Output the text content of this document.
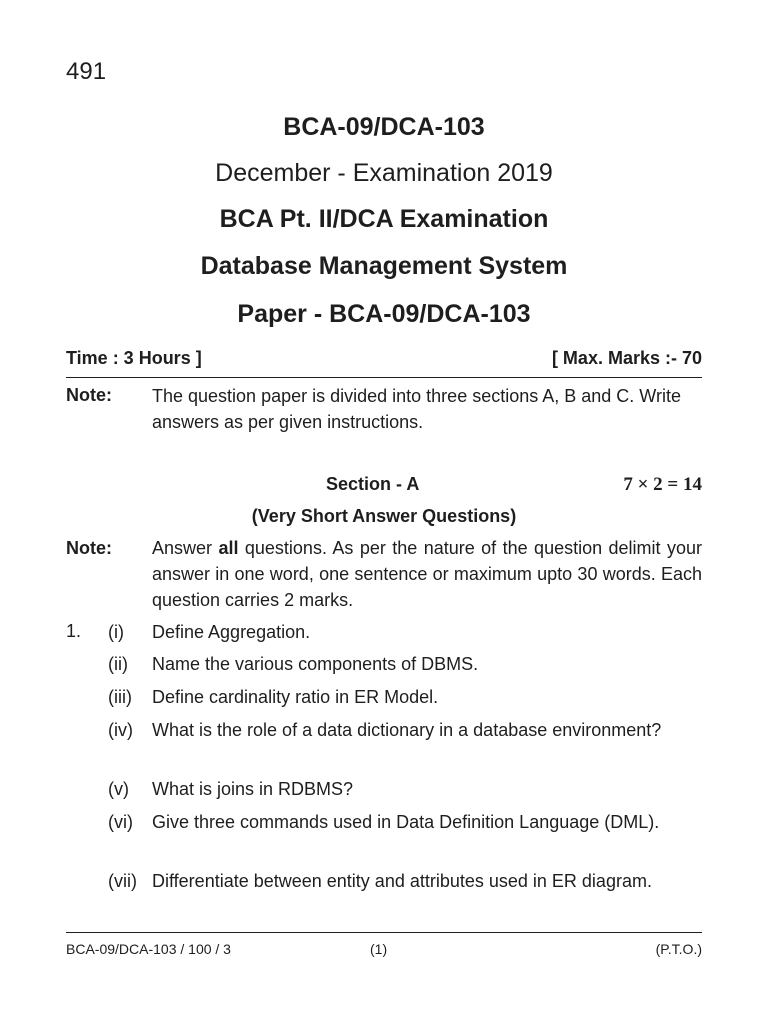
491
BCA-09/DCA-103
December - Examination 2019
BCA Pt. II/DCA Examination
Database Management System
Paper - BCA-09/DCA-103
Time : 3 Hours ]	[ Max. Marks :- 70
Note: The question paper is divided into three sections A, B and C. Write answers as per given instructions.
Section - A	7 × 2 = 14
(Very Short Answer Questions)
Note: Answer all questions. As per the nature of the question delimit your answer in one word, one sentence or maximum upto 30 words. Each question carries 2 marks.
1. (i)	Define Aggregation.
(ii)	Name the various components of DBMS.
(iii)	Define cardinality ratio in ER Model.
(iv)	What is the role of a data dictionary in a database environment?
(v)	What is joins in RDBMS?
(vi)	Give three commands used in Data Definition Language (DML).
(vii) Differentiate between entity and attributes used in ER diagram.
BCA-09/DCA-103 / 100 / 3	(1)	(P.T.O.)
